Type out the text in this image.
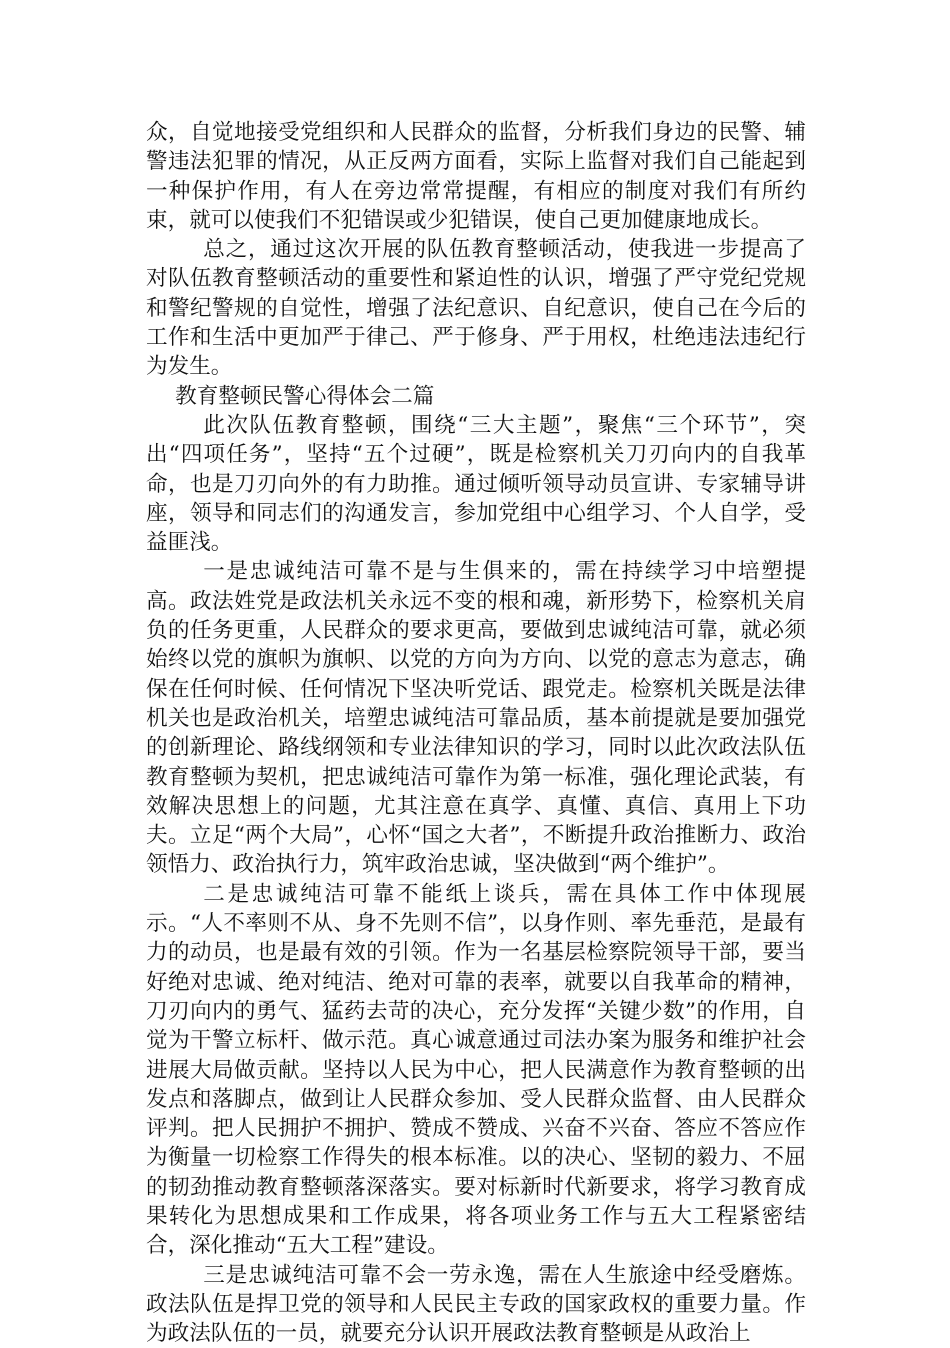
众，自觉地接受党组织和人民群众的监督，分析我们身边的民警、辅警违法犯罪的情况，从正反两方面看，实际上监督对我们自己能起到一种保护作用，有人在旁边常常提醒，有相应的制度对我们有所约束，就可以使我们不犯错误或少犯错误，使自己更加健康地成长。

总之，通过这次开展的队伍教育整顿活动，使我进一步提高了对队伍教育整顿活动的重要性和紧迫性的认识，增强了严守党纪党规和警纪警规的自觉性，增强了法纪意识、自纪意识，使自己在今后的工作和生活中更加严于律己、严于修身、严于用权，杜绝违法违纪行为发生。

教育整顿民警心得体会二篇

此次队伍教育整顿，围绕“三大主题”，聚焦“三个环节”，突出“四项任务”，坚持“五个过硬”，既是检察机关刀刃向内的自我革命，也是刀刃向外的有力助推。通过倾听领导动员宣讲、专家辅导讲座，领导和同志们的沟通发言，参加党组中心组学习、个人自学，受益匪浅。

一是忠诚纯洁可靠不是与生俱来的，需在持续学习中培塑提高。政法姓党是政法机关永远不变的根和魂，新形势下，检察机关肩负的任务更重，人民群众的要求更高，要做到忠诚纯洁可靠，就必须始终以党的旗帜为旗帜、以党的方向为方向、以党的意志为意志，确保在任何时候、任何情况下坚决听党话、跟党走。检察机关既是法律机关也是政治机关，培塑忠诚纯洁可靠品质，基本前提就是要加强党的创新理论、路线纲领和专业法律知识的学习，同时以此次政法队伍教育整顿为契机，把忠诚纯洁可靠作为第一标准，强化理论武装，有效解决思想上的问题，尤其注意在真学、真懂、真信、真用上下功夫。立足“两个大局”，心怀“国之大者”，不断提升政治推断力、政治领悟力、政治执行力，筑牢政治忠诚，坚决做到“两个维护”。

二是忠诚纯洁可靠不能纸上谈兵，需在具体工作中体现展示。“人不率则不从、身不先则不信”，以身作则、率先垂范，是最有力的动员，也是最有效的引领。作为一名基层检察院领导干部，要当好绝对忠诚、绝对纯洁、绝对可靠的表率，就要以自我革命的精神，刀刃向内的勇气、猛药去苛的决心，充分发挥“关键少数”的作用，自觉为干警立标杆、做示范。真心诚意通过司法办案为服务和维护社会进展大局做贡献。坚持以人民为中心，把人民满意作为教育整顿的出发点和落脚点，做到让人民群众参加、受人民群众监督、由人民群众评判。把人民拥护不拥护、赞成不赞成、兴奋不兴奋、答应不答应作为衡量一切检察工作得失的根本标准。以的决心、坚韧的毅力、不屈的韧劲推动教育整顿落深落实。要对标新时代新要求，将学习教育成果转化为思想成果和工作成果，将各项业务工作与五大工程紧密结合，深化推动“五大工程”建设。

三是忠诚纯洁可靠不会一劳永逸，需在人生旅途中经受磨炼。政法队伍是捍卫党的领导和人民民主专政的国家政权的重要力量。作为政法队伍的一员，就要充分认识开展政法教育整顿是从政治上
